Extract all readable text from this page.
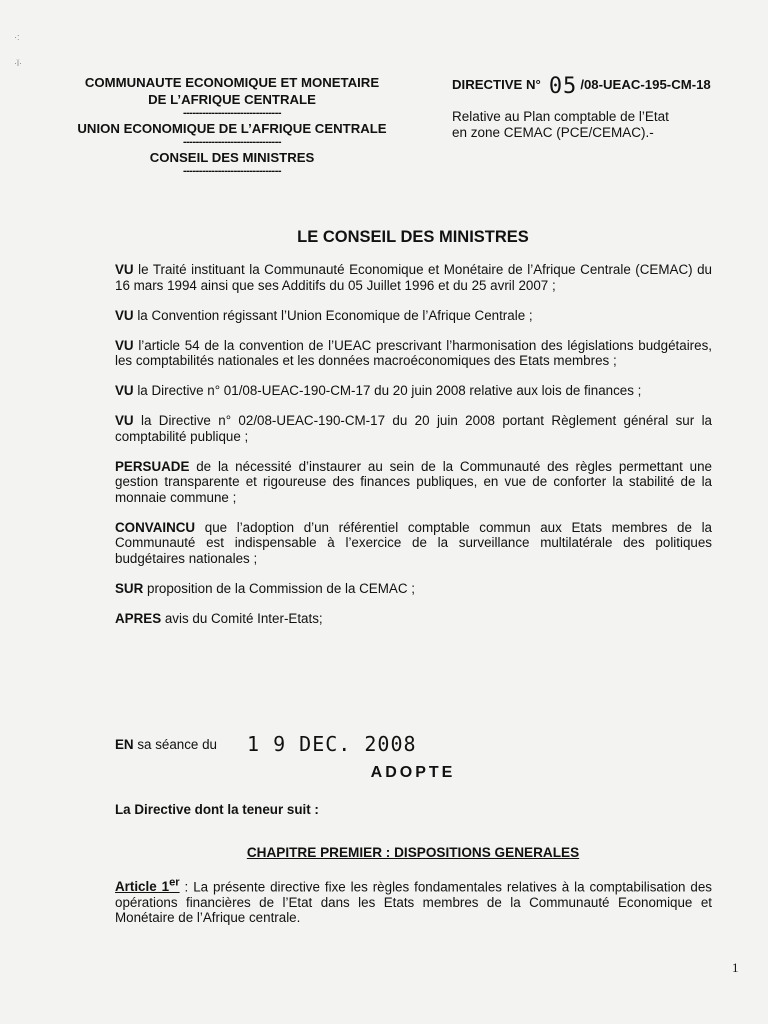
·:
·ǐ·
COMMUNAUTE ECONOMIQUE ET MONETAIRE
DE L’AFRIQUE CENTRALE
-------------------------------
UNION ECONOMIQUE DE L’AFRIQUE CENTRALE
-------------------------------
CONSEIL DES MINISTRES
-------------------------------
DIRECTIVE N° 05 /08-UEAC-195-CM-18
Relative au Plan comptable de l’Etat
en zone CEMAC (PCE/CEMAC).-
LE CONSEIL DES MINISTRES

VU le Traité instituant la Communauté Economique et Monétaire de l’Afrique Centrale (CEMAC) du 16 mars 1994 ainsi que ses Additifs du 05 Juillet 1996 et du 25 avril 2007 ;

VU la Convention régissant l’Union Economique de l’Afrique Centrale ;

VU l’article 54 de la convention de l’UEAC prescrivant l’harmonisation des législations budgétaires, les comptabilités nationales et les données macroéconomiques des Etats membres ;

VU la Directive n° 01/08-UEAC-190-CM-17 du 20 juin 2008 relative aux lois de finances ;

VU la Directive n° 02/08-UEAC-190-CM-17 du 20 juin 2008 portant Règlement général sur la comptabilité publique ;

PERSUADE de la nécessité d’instaurer au sein de la Communauté des règles permettant une gestion transparente et rigoureuse des finances publiques, en vue de conforter la stabilité de la monnaie commune ;

CONVAINCU que l’adoption d’un référentiel comptable commun aux Etats membres de la Communauté est indispensable à l’exercice de la surveillance multilatérale des politiques budgétaires nationales ;

SUR proposition de la Commission de la CEMAC ;

APRES avis du Comité Inter-Etats;

EN sa séance du 1 9 DEC. 2008
ADOPTE
La Directive dont la teneur suit :
CHAPITRE PREMIER : DISPOSITIONS GENERALES
Article 1er : La présente directive fixe les règles fondamentales relatives à la comptabilisation des opérations financières de l’Etat dans les Etats membres de la Communauté Economique et Monétaire de l’Afrique centrale.
1
